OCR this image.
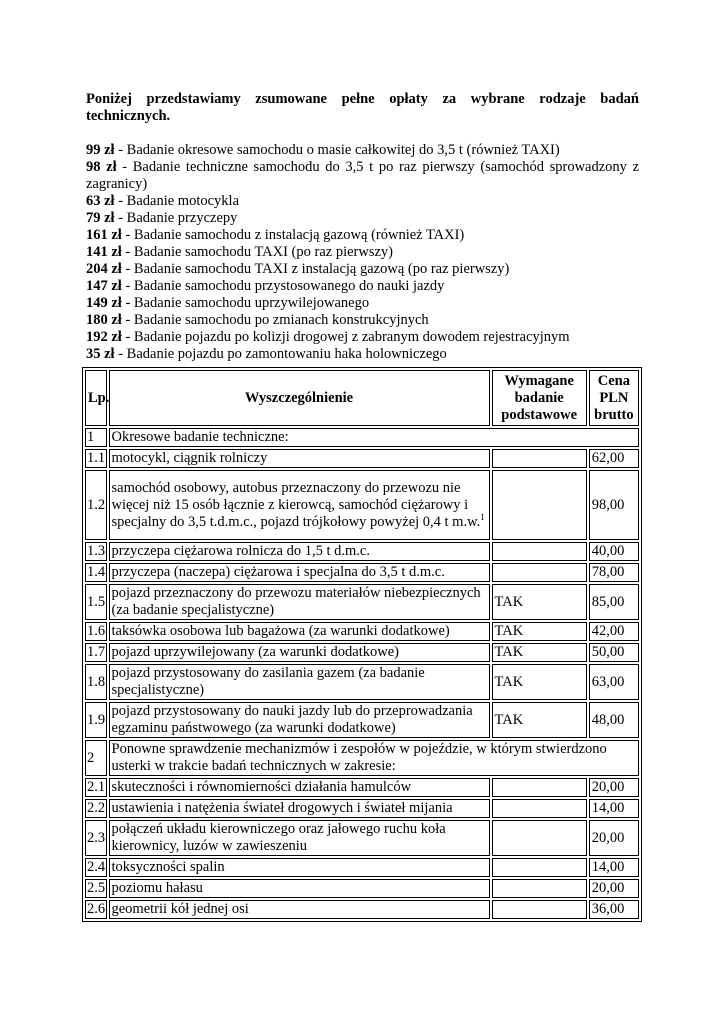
Poniżej przedstawiamy zsumowane pełne opłaty za wybrane rodzaje badań technicznych.

99 zł - Badanie okresowe samochodu o masie całkowitej do 3,5 t (również TAXI)
98 zł - Badanie techniczne samochodu do 3,5 t po raz pierwszy (samochód sprowadzony z zagranicy)
63 zł - Badanie motocykla
79 zł - Badanie przyczepy
161 zł - Badanie samochodu z instalacją gazową (również TAXI)
141 zł - Badanie samochodu TAXI (po raz pierwszy)
204 zł - Badanie samochodu TAXI z instalacją gazową (po raz pierwszy)
147 zł - Badanie samochodu przystosowanego do nauki jazdy
149 zł - Badanie samochodu uprzywilejowanego
180 zł - Badanie samochodu po zmianach konstrukcyjnych
192 zł - Badanie pojazdu po kolizji drogowej z zabranym dowodem rejestracyjnym
35 zł - Badanie pojazdu po zamontowaniu haka holowniczego
Lp.	Wyszczególnienie	Wymagane badanie podstawowe	Cena PLN brutto
1	Okresowe badanie techniczne:		
1.1	motocykl, ciągnik rolniczy		62,00
1.2	samochód osobowy, autobus przeznaczony do przewozu nie więcej niż 15 osób łącznie z kierowcą, samochód ciężarowy i specjalny do 3,5 t.d.m.c., pojazd trójkołowy powyżej 0,4 t m.w.$^1$		98,00
1.3	przyczepa ciężarowa rolnicza do 1,5 t d.m.c.		40,00
1.4	przyczepa (naczepa) ciężarowa i specjalna do 3,5 t d.m.c.		78,00
1.5	pojazd przeznaczony do przewozu materiałów niebezpiecznych (za badanie specjalistyczne)	TAK	85,00
1.6	taksówka osobowa lub bagażowa (za warunki dodatkowe)	TAK	42,00
1.7	pojazd uprzywilejowany (za warunki dodatkowe)	TAK	50,00
1.8	pojazd przystosowany do zasilania gazem (za badanie specjalistyczne)	TAK	63,00
1.9	pojazd przystosowany do nauki jazdy lub do przeprowadzania egzaminu państwowego (za warunki dodatkowe)	TAK	48,00
2	Ponowne sprawdzenie mechanizmów i zespołów w pojeździe, w którym stwierdzono usterki w trakcie badań technicznych w zakresie:		
2.1	skuteczności i równomierności działania hamulców		20,00
2.2	ustawienia i natężenia świateł drogowych i świateł mijania		14,00
2.3	połączeń układu kierowniczego oraz jałowego ruchu koła kierownicy, luzów w zawieszeniu		20,00
2.4	toksyczności spalin		14,00
2.5	poziomu hałasu		20,00
2.6	geometrii kół jednej osi		36,00
